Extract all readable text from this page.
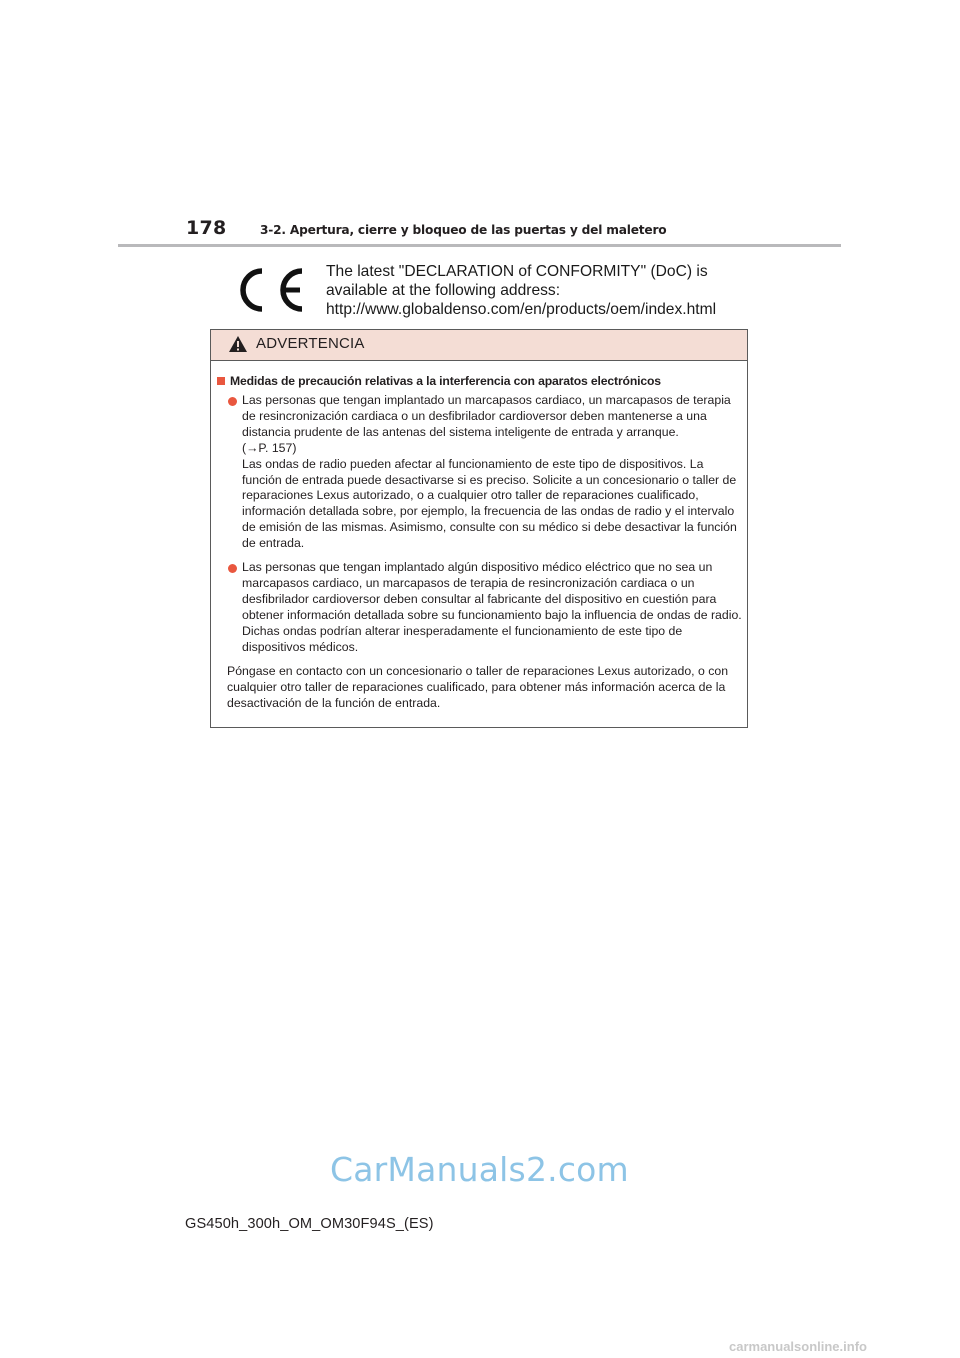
178	3-2. Apertura, cierre y bloqueo de las puertas y del maletero
The latest "DECLARATION of CONFORMITY" (DoC) is
available at the following address:
http://www.globaldenso.com/en/products/oem/index.html
ADVERTENCIA
Medidas de precaución relativas a la interferencia con aparatos electrónicos

Las personas que tengan implantado un marcapasos cardiaco, un marcapasos de terapia de resincronización cardiaca o un desfibrilador cardioversor deben mantenerse a una distancia prudente de las antenas del sistema inteligente de entrada y arranque.

(→P. 157)

Las ondas de radio pueden afectar al funcionamiento de este tipo de dispositivos. La función de entrada puede desactivarse si es preciso. Solicite a un concesionario o taller de reparaciones Lexus autorizado, o a cualquier otro taller de reparaciones cualificado, información detallada sobre, por ejemplo, la frecuencia de las ondas de radio y el intervalo de emisión de las mismas. Asimismo, consulte con su médico si debe desactivar la función de entrada.

Las personas que tengan implantado algún dispositivo médico eléctrico que no sea un marcapasos cardiaco, un marcapasos de terapia de resincronización cardiaca o un desfibrilador cardioversor deben consultar al fabricante del dispositivo en cuestión para obtener información detallada sobre su funcionamiento bajo la influencia de ondas de radio.

Dichas ondas podrían alterar inesperadamente el funcionamiento de este tipo de dispositivos médicos.

Póngase en contacto con un concesionario o taller de reparaciones Lexus autorizado, o con cualquier otro taller de reparaciones cualificado, para obtener más información acerca de la desactivación de la función de entrada.

CarManuals2.com
GS450h_300h_OM_OM30F94S_(ES)
carmanualsonline.info
